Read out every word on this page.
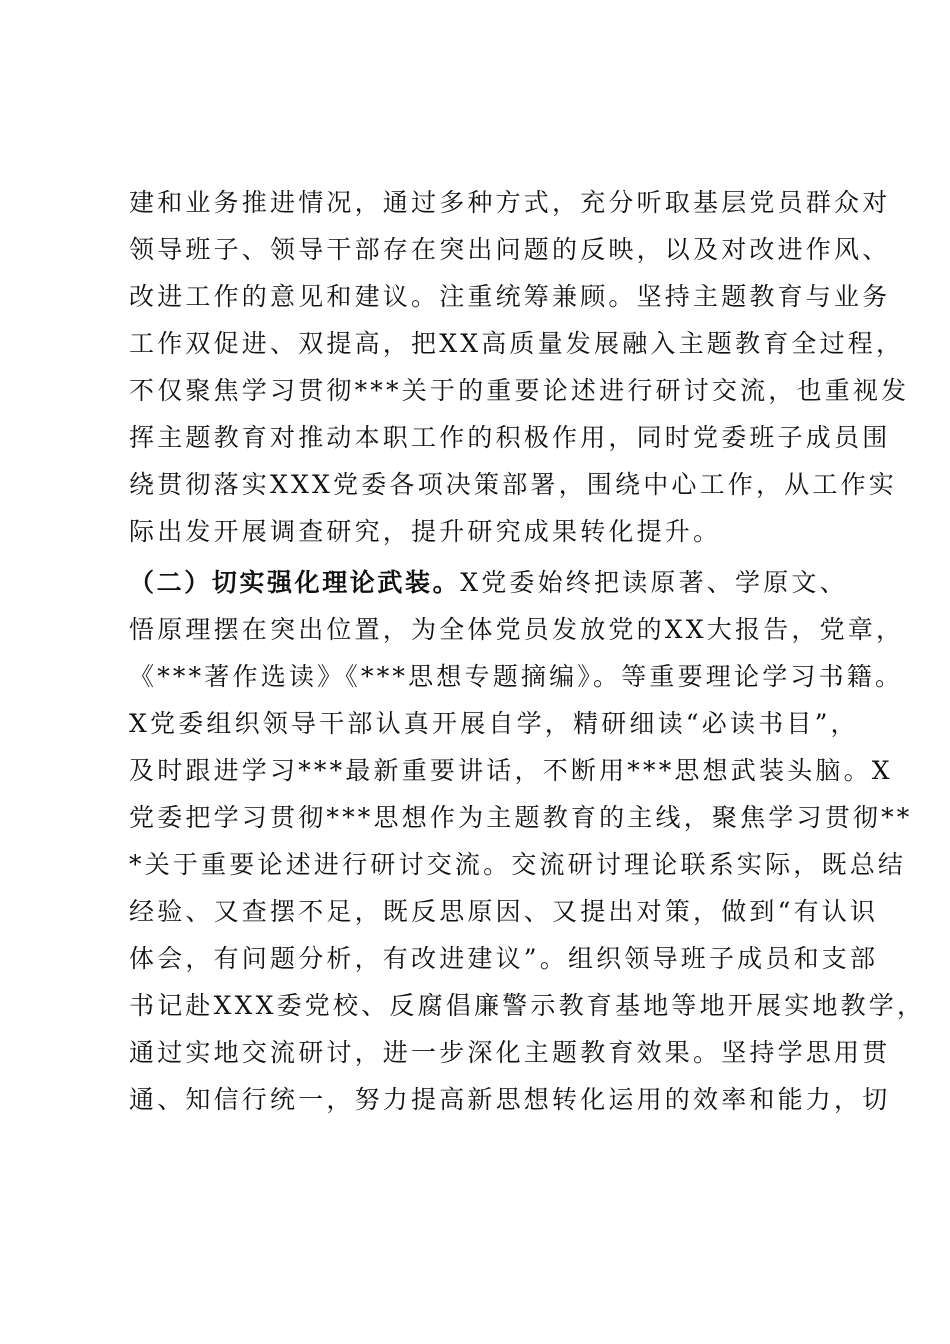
建和业务推进情况，通过多种方式，充分听取基层党员群众对
领导班子、领导干部存在突出问题的反映，以及对改进作风、
改进工作的意见和建议。注重统筹兼顾。坚持主题教育与业务
工作双促进、双提高，把XX高质量发展融入主题教育全过程，
不仅聚焦学习贯彻***关于的重要论述进行研讨交流，也重视发
挥主题教育对推动本职工作的积极作用，同时党委班子成员围
绕贯彻落实XXX党委各项决策部署，围绕中心工作，从工作实
际出发开展调查研究，提升研究成果转化提升。
（二）切实强化理论武装。X党委始终把读原著、学原文、
悟原理摆在突出位置，为全体党员发放党的XX大报告，党章，
《***著作选读》《***思想专题摘编》。等重要理论学习书籍。
X党委组织领导干部认真开展自学，精研细读“必读书目”，
及时跟进学习***最新重要讲话，不断用***思想武装头脑。X
党委把学习贯彻***思想作为主题教育的主线，聚焦学习贯彻**
*关于重要论述进行研讨交流。交流研讨理论联系实际，既总结
经验、又查摆不足，既反思原因、又提出对策，做到“有认识
体会，有问题分析，有改进建议”。组织领导班子成员和支部
书记赴XXX委党校、反腐倡廉警示教育基地等地开展实地教学，
通过实地交流研讨，进一步深化主题教育效果。坚持学思用贯
通、知信行统一，努力提高新思想转化运用的效率和能力，切
